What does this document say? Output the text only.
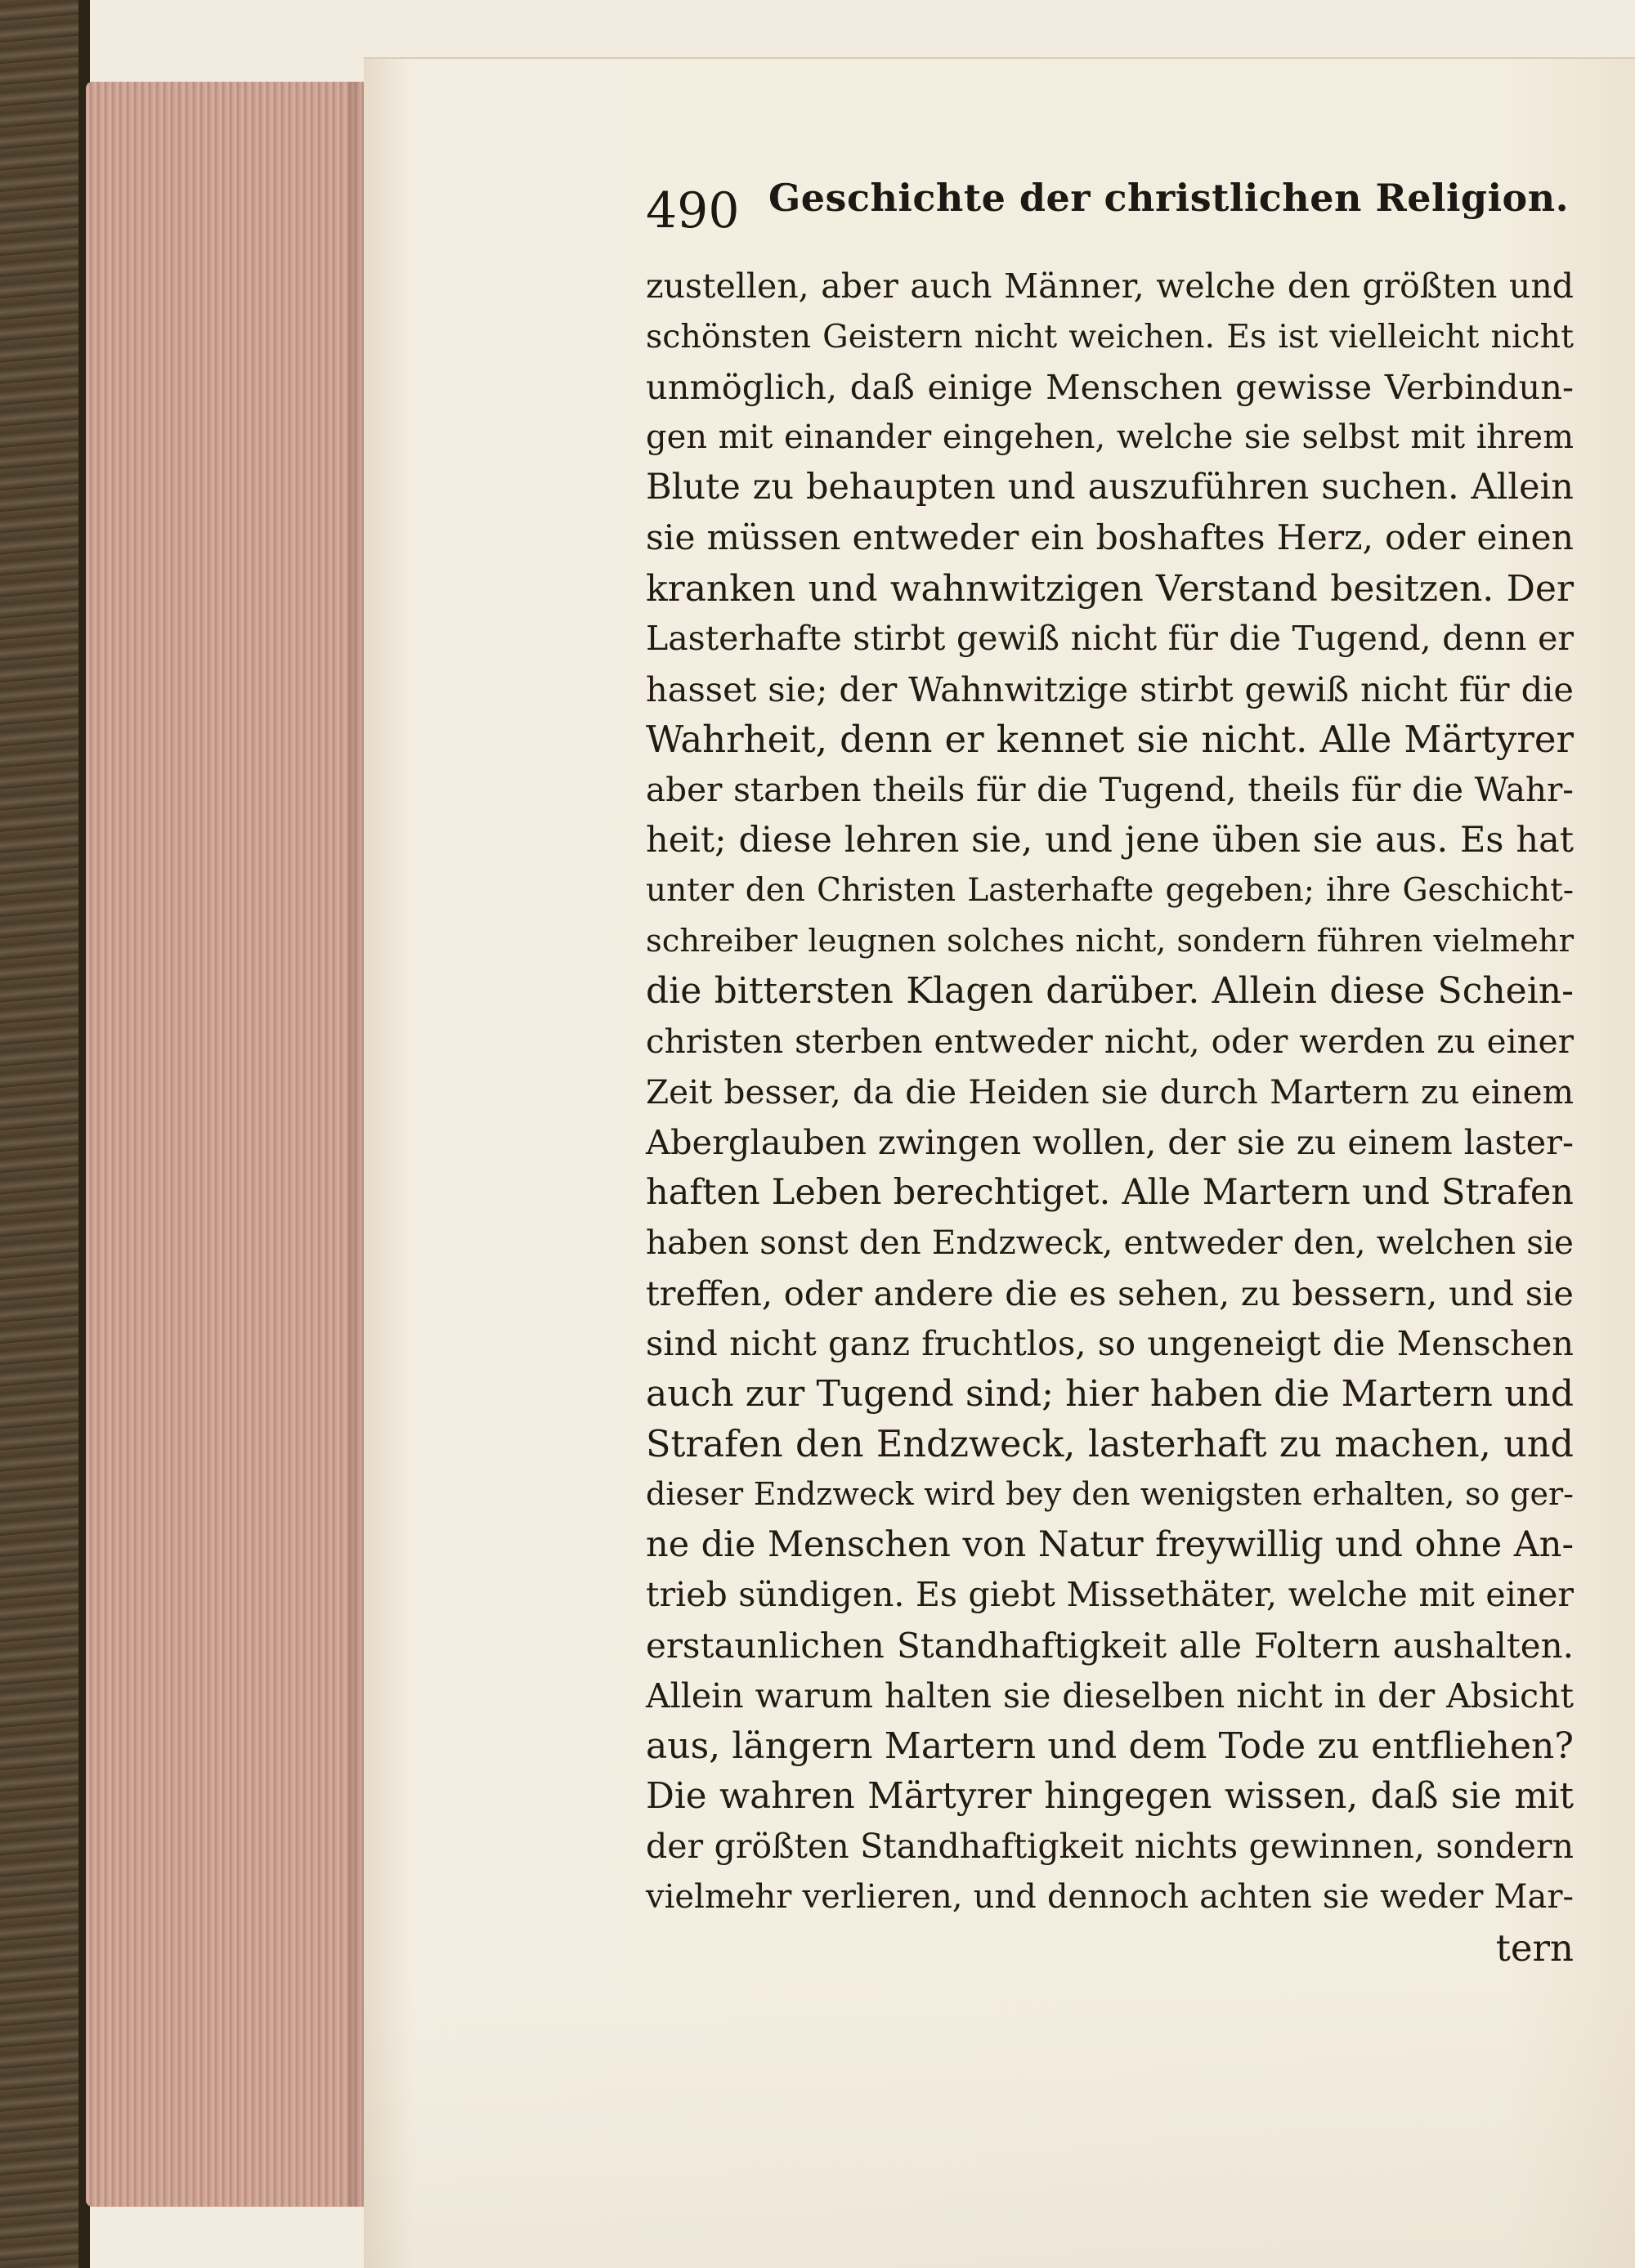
490 Geschichte der christlichen Religion.
zustellen, aber auch Männer, welche den größten und
schönsten Geistern nicht weichen. Es ist vielleicht nicht
unmöglich, daß einige Menschen gewisse Verbindun-
gen mit einander eingehen, welche sie selbst mit ihrem
Blute zu behaupten und auszuführen suchen. Allein
sie müssen entweder ein boshaftes Herz, oder einen
kranken und wahnwitzigen Verstand besitzen. Der
Lasterhafte stirbt gewiß nicht für die Tugend, denn er
hasset sie; der Wahnwitzige stirbt gewiß nicht für die
Wahrheit, denn er kennet sie nicht. Alle Märtyrer
aber starben theils für die Tugend, theils für die Wahr-
heit; diese lehren sie, und jene üben sie aus. Es hat
unter den Christen Lasterhafte gegeben; ihre Geschicht-
schreiber leugnen solches nicht, sondern führen vielmehr
die bittersten Klagen darüber. Allein diese Schein-
christen sterben entweder nicht, oder werden zu einer
Zeit besser, da die Heiden sie durch Martern zu einem
Aberglauben zwingen wollen, der sie zu einem laster-
haften Leben berechtiget. Alle Martern und Strafen
haben sonst den Endzweck, entweder den, welchen sie
treffen, oder andere die es sehen, zu bessern, und sie
sind nicht ganz fruchtlos, so ungeneigt die Menschen
auch zur Tugend sind; hier haben die Martern und
Strafen den Endzweck, lasterhaft zu machen, und
dieser Endzweck wird bey den wenigsten erhalten, so ger-
ne die Menschen von Natur freywillig und ohne An-
trieb sündigen. Es giebt Missethäter, welche mit einer
erstaunlichen Standhaftigkeit alle Foltern aushalten.
Allein warum halten sie dieselben nicht in der Absicht
aus, längern Martern und dem Tode zu entfliehen?
Die wahren Märtyrer hingegen wissen, daß sie mit
der größten Standhaftigkeit nichts gewinnen, sondern
vielmehr verlieren, und dennoch achten sie weder Mar-
tern
